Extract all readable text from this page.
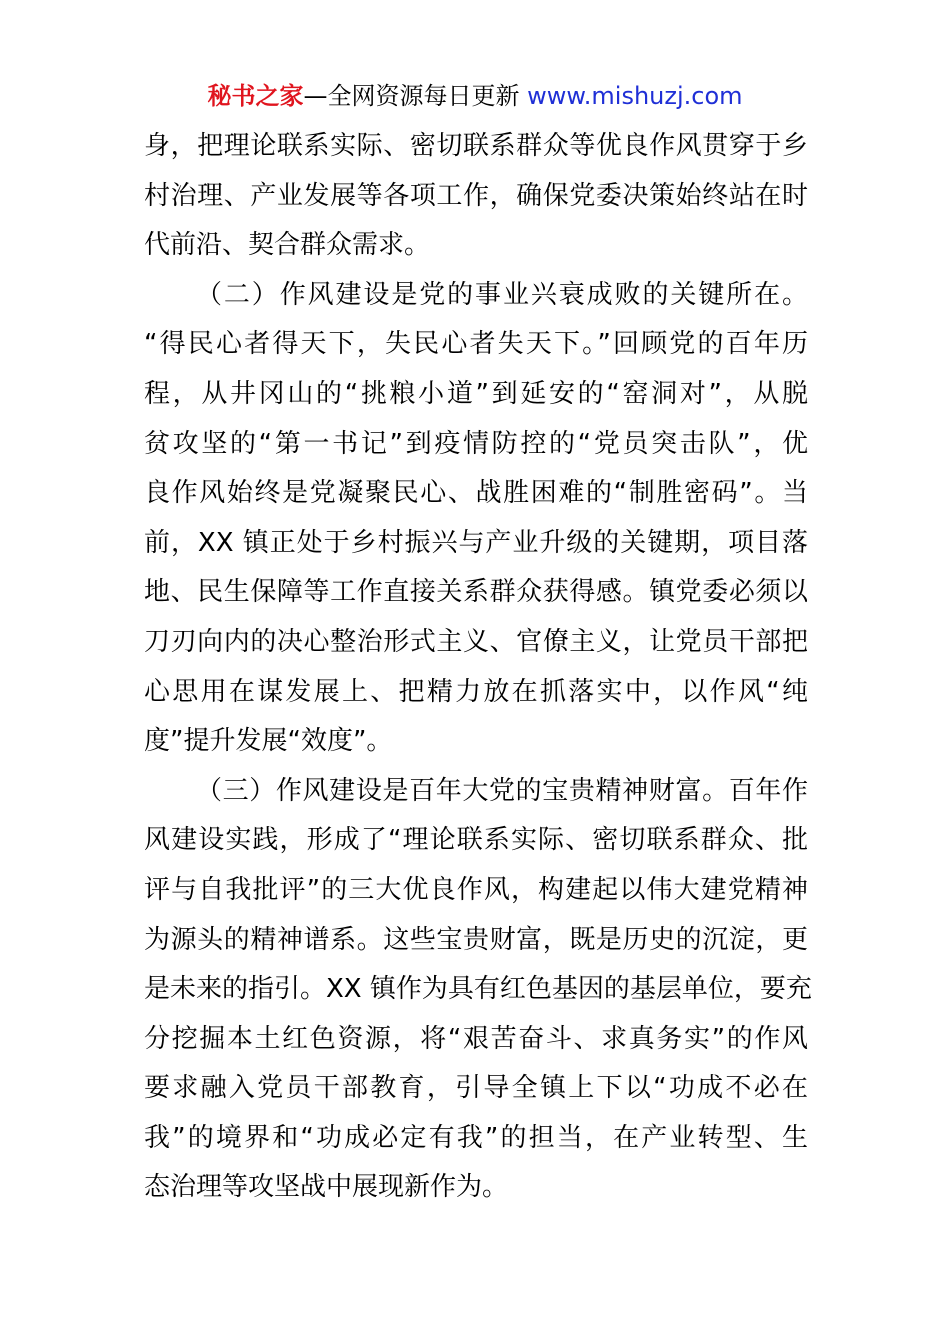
秘书之家—全网资源每日更新 www.mishuzj.com
身，把理论联系实际、密切联系群众等优良作风贯穿于乡
村治理、产业发展等各项工作，确保党委决策始终站在时
代前沿、契合群众需求。
（二）作风建设是党的事业兴衰成败的关键所在。
“得民心者得天下，失民心者失天下。”回顾党的百年历
程，从井冈山的“挑粮小道”到延安的“窑洞对”，从脱
贫攻坚的“第一书记”到疫情防控的“党员突击队”，优
良作风始终是党凝聚民心、战胜困难的“制胜密码”。当
前，XX 镇正处于乡村振兴与产业升级的关键期，项目落
地、民生保障等工作直接关系群众获得感。镇党委必须以
刀刃向内的决心整治形式主义、官僚主义，让党员干部把
心思用在谋发展上、把精力放在抓落实中，以作风“纯
度”提升发展“效度”。
（三）作风建设是百年大党的宝贵精神财富。百年作
风建设实践，形成了“理论联系实际、密切联系群众、批
评与自我批评”的三大优良作风，构建起以伟大建党精神
为源头的精神谱系。这些宝贵财富，既是历史的沉淀，更
是未来的指引。XX 镇作为具有红色基因的基层单位，要充
分挖掘本土红色资源，将“艰苦奋斗、求真务实”的作风
要求融入党员干部教育，引导全镇上下以“功成不必在
我”的境界和“功成必定有我”的担当，在产业转型、生
态治理等攻坚战中展现新作为。
